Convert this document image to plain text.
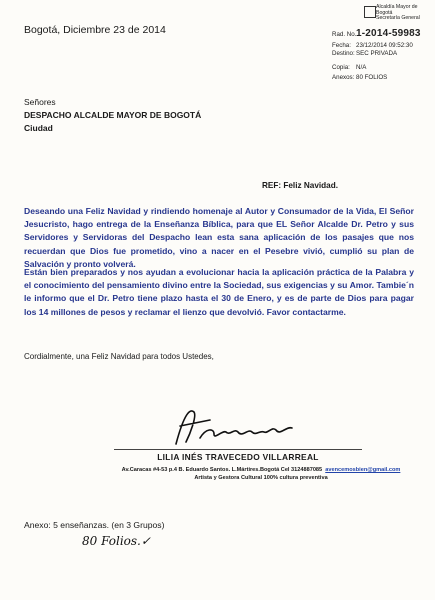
Bogotá, Diciembre 23 de 2014
Alcaldía Mayor de Bogotá
Secretaría General
Rad. No.1-2014-59983
Fecha: 23/12/2014 09:52:30
Destino:SEC PRIVADA
Copia: N/A
Anexos: 80 FOLIOS
Señores
DESPACHO ALCALDE MAYOR DE BOGOTÁ
Ciudad
REF: Feliz Navidad.
Deseando una Feliz Navidad y rindiendo homenaje al Autor y Consumador de la Vida, El Señor Jesucristo, hago entrega de la Enseñanza Bíblica, para que EL Señor Alcalde Dr. Petro y sus Servidores y Servidoras del Despacho lean esta sana aplicación de los pasajes que nos recuerdan que Dios fue prometido, vino a nacer en el Pesebre vivió, cumplió su plan de Salvación y pronto volverá.
Están bien preparados y nos ayudan a evolucionar hacia la aplicación práctica de la Palabra y el conocimiento del pensamiento divino entre la Sociedad, sus exigencias y su Amor. Tambie´n le informo que el Dr. Petro tiene plazo hasta el 30 de Enero, y es de parte de Dios para pagar los 14 millones de pesos y reclamar el lienzo que devolvió. Favor contactarme.
Cordialmente, una Feliz Navidad para todos Ustedes,
LILIA INÉS TRAVECEDO VILLARREAL
Av.Caracas #4-53 p.4 B. Eduardo Santos. L.Mártires.Bogotá Cel 3124887085 avencemosbien@gmail.com
Artista y Gestora Cultural 100% cultura preventiva
Anexo: 5 enseñanzas. (en 3 Grupos)
80 Folios.✓
